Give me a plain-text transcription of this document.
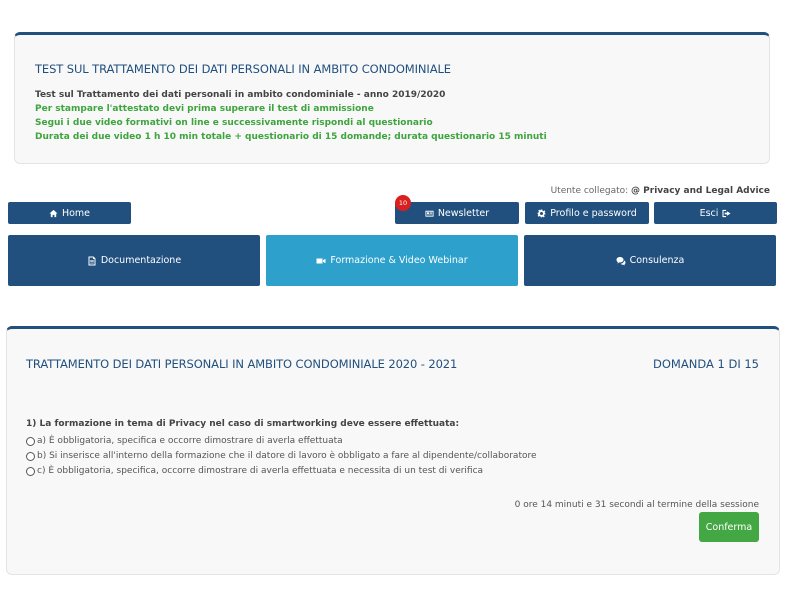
TEST SUL TRATTAMENTO DEI DATI PERSONALI IN AMBITO CONDOMINIALE
Test sul Trattamento dei dati personali in ambito condominiale - anno 2019/2020
Per stampare l'attestato devi prima superare il test di ammissione
Segui i due video formativi on line e successivamente rispondi al questionario
Durata dei due video 1 h 10 min totale + questionario di 15 domande; durata questionario 15 minuti
Utente collegato: @ Privacy and Legal Advice
Home
10
Newsletter	Profilo e password	Esci
Documentazione	Formazione & Video Webinar	Consulenza
TRATTAMENTO DEI DATI PERSONALI IN AMBITO CONDOMINIALE 2020 - 2021	DOMANDA 1 DI 15
1) La formazione in tema di Privacy nel caso di smartworking deve essere effettuata:
a) È obbligatoria, specifica e occorre dimostrare di averla effettuata
b) Si inserisce all'interno della formazione che il datore di lavoro è obbligato a fare al dipendente/collaboratore
c) È obbligatoria, specifica, occorre dimostrare di averla effettuata e necessita di un test di verifica
0 ore 14 minuti e 31 secondi al termine della sessione
Conferma
